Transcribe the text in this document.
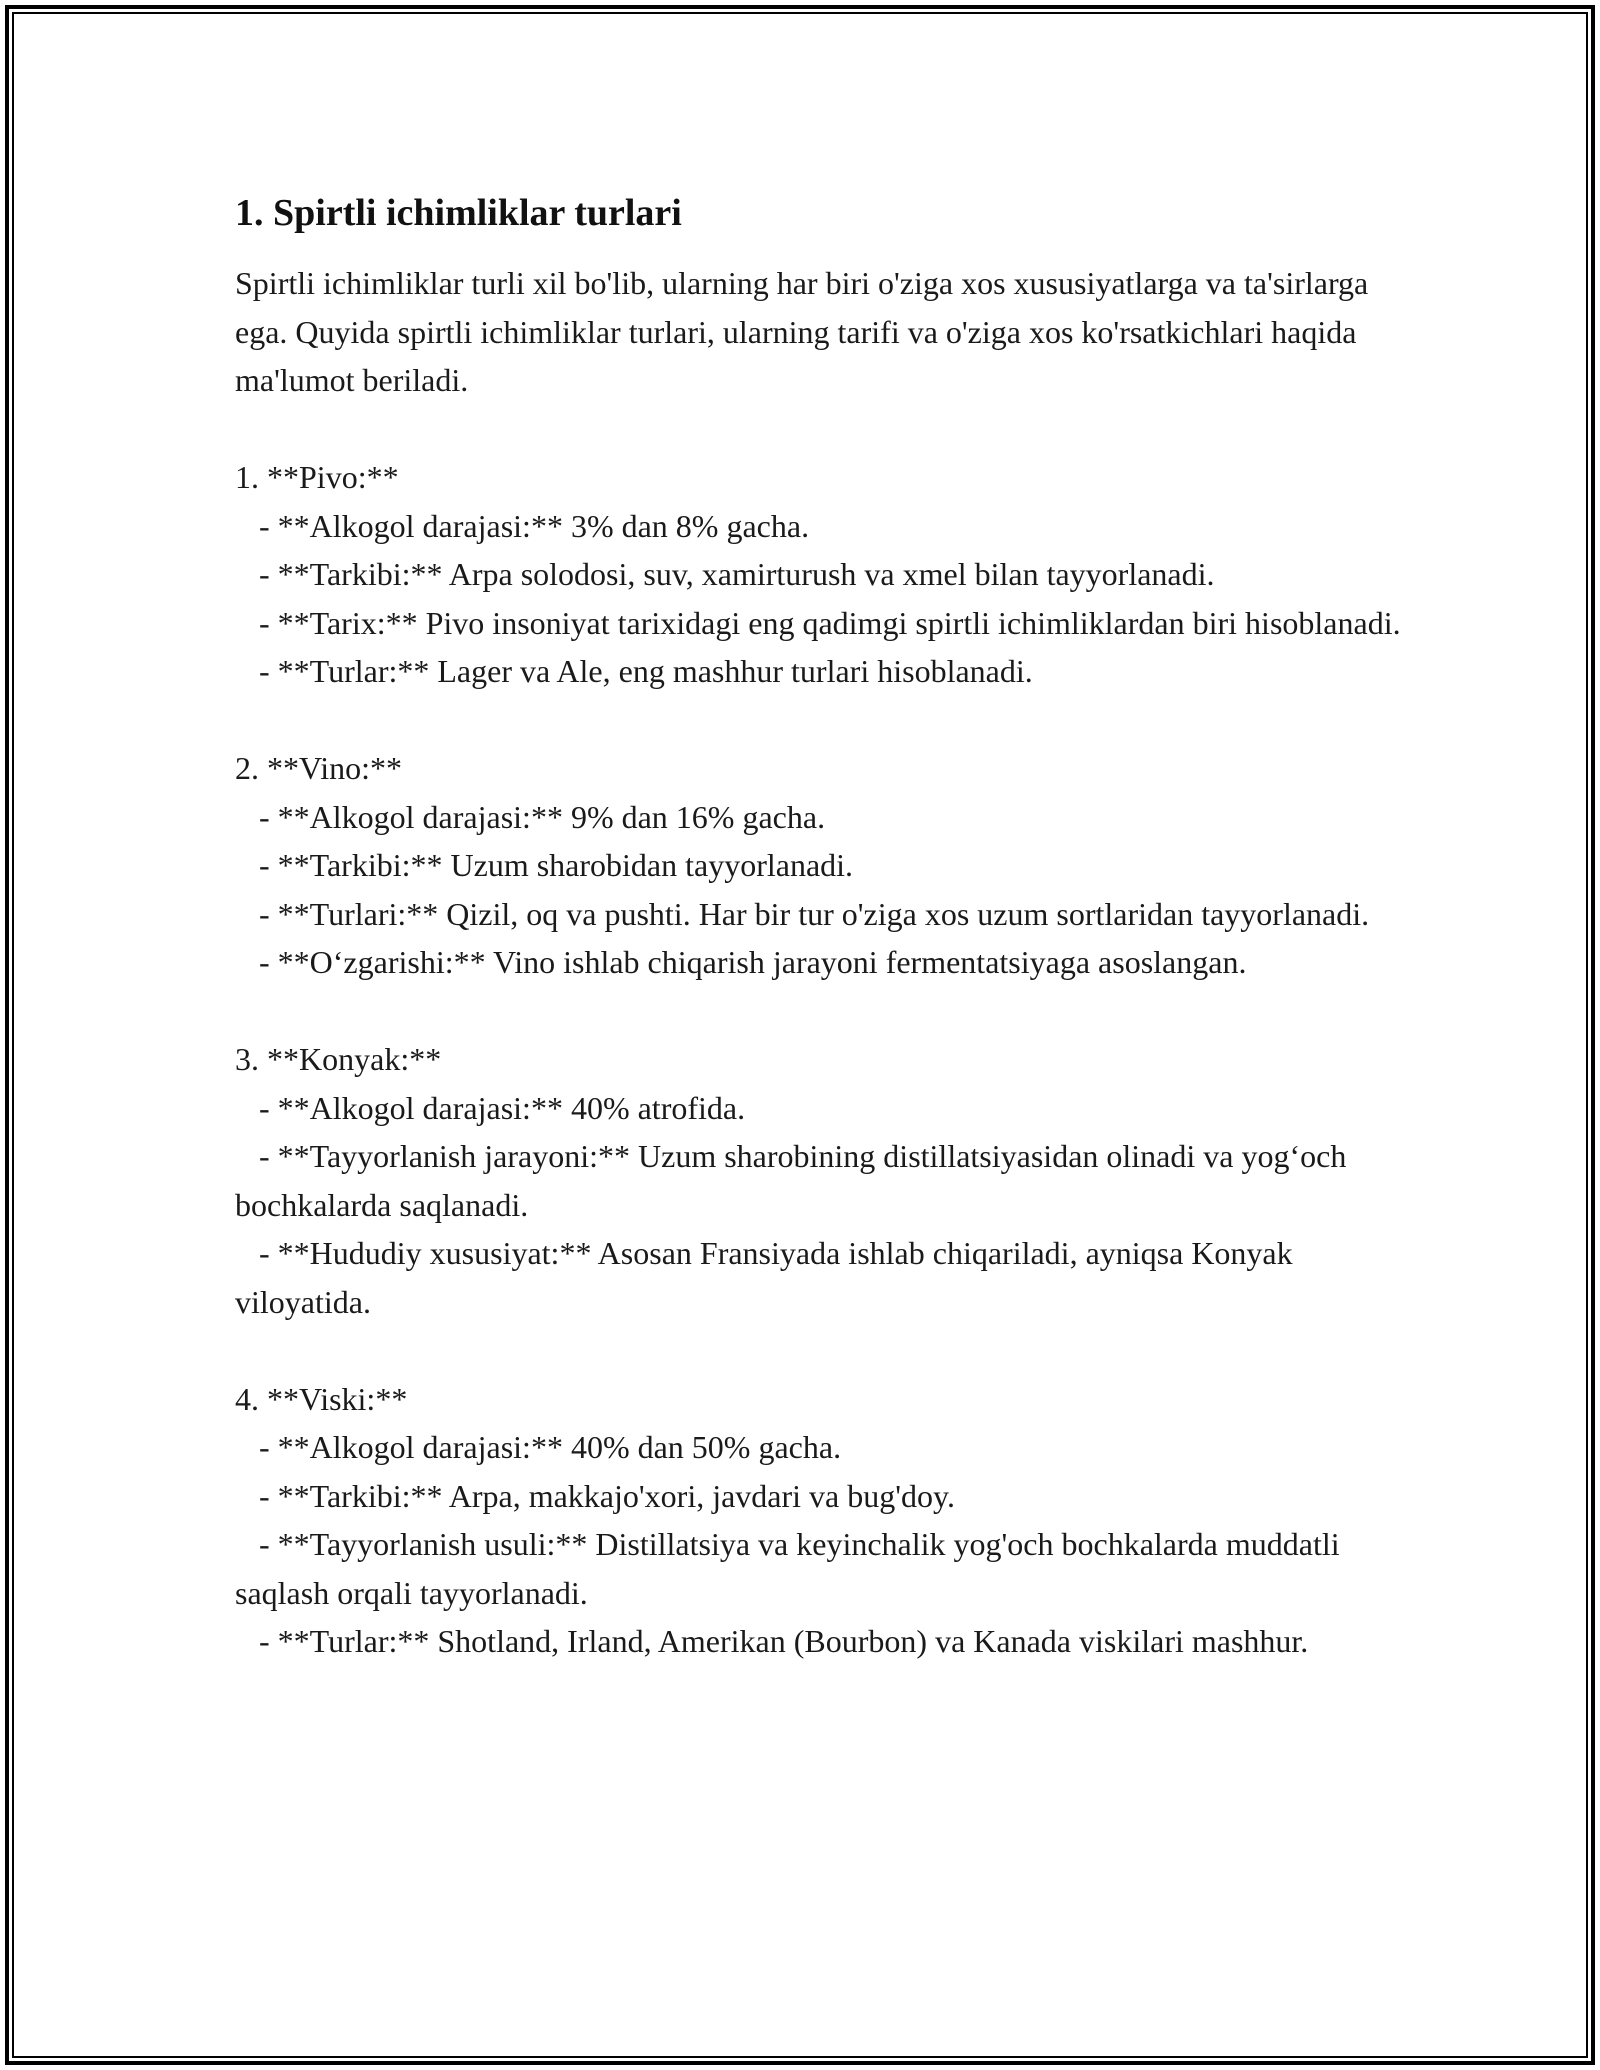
1. Spirtli ichimliklar turlari

Spirtli ichimliklar turli xil bo'lib, ularning har biri o'ziga xos xususiyatlarga va ta'sirlarga ega. Quyida spirtli ichimliklar turlari, ularning tarifi va o'ziga xos ko'rsatkichlari haqida ma'lumot beriladi.

1. **Pivo:**
- **Alkogol darajasi:** 3% dan 8% gacha.
- **Tarkibi:** Arpa solodosi, suv, xamirturush va xmel bilan tayyorlanadi.
- **Tarix:** Pivo insoniyat tarixidagi eng qadimgi spirtli ichimliklardan biri hisoblanadi.
- **Turlar:** Lager va Ale, eng mashhur turlari hisoblanadi.
2. **Vino:**
- **Alkogol darajasi:** 9% dan 16% gacha.
- **Tarkibi:** Uzum sharobidan tayyorlanadi.
- **Turlari:** Qizil, oq va pushti. Har bir tur o'ziga xos uzum sortlaridan tayyorlanadi.
- **O‘zgarishi:** Vino ishlab chiqarish jarayoni fermentatsiyaga asoslangan.
3. **Konyak:**
- **Alkogol darajasi:** 40% atrofida.
- **Tayyorlanish jarayoni:** Uzum sharobining distillatsiyasidan olinadi va yog‘och bochkalarda saqlanadi.
- **Hududiy xususiyat:** Asosan Fransiyada ishlab chiqariladi, ayniqsa Konyak viloyatida.
4. **Viski:**
- **Alkogol darajasi:** 40% dan 50% gacha.
- **Tarkibi:** Arpa, makkajo'xori, javdari va bug'doy.
- **Tayyorlanish usuli:** Distillatsiya va keyinchalik yog'och bochkalarda muddatli saqlash orqali tayyorlanadi.
- **Turlar:** Shotland, Irland, Amerikan (Bourbon) va Kanada viskilari mashhur.
